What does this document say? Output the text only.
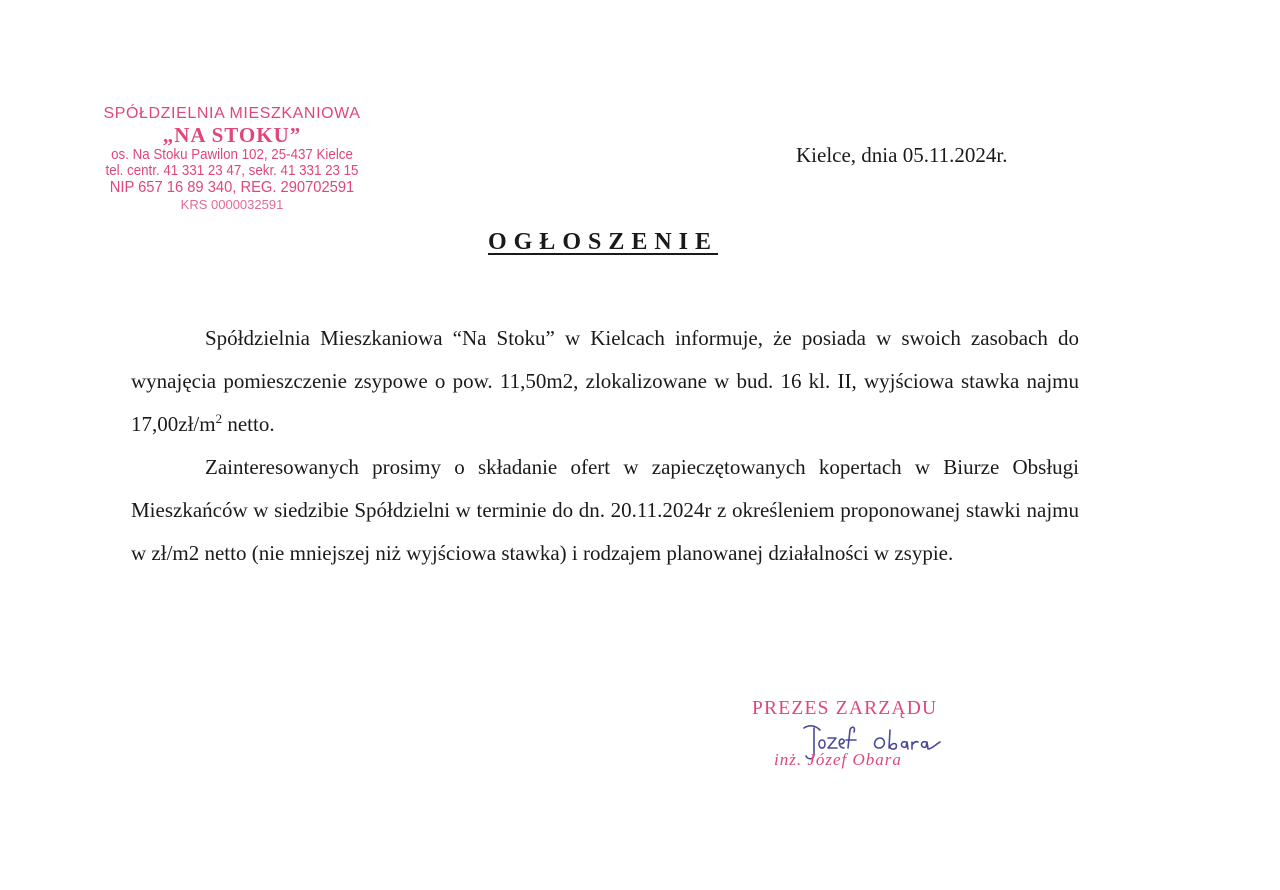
SPÓŁDZIELNIA MIESZKANIOWA
„NA STOKU”
os. Na Stoku Pawilon 102, 25-437 Kielce
tel. centr. 41 331 23 47, sekr. 41 331 23 15
NIP 657 16 89 340, REG. 290702591
KRS 0000032591
Kielce, dnia 05.11.2024r.
OGŁOSZENIE

Spółdzielnia Mieszkaniowa “Na Stoku” w Kielcach informuje, że posiada w swoich zasobach do wynajęcia pomieszczenie zsypowe o pow. 11,50m2, zlokalizowane w bud. 16 kl. II, wyjściowa stawka najmu $17,00zł/m^2$ netto.

Zainteresowanych prosimy o składanie ofert w zapieczętowanych kopertach w Biurze Obsługi Mieszkańców w siedzibie Spółdzielni w terminie do dn. 20.11.2024r z określeniem proponowanej stawki najmu w zł/m2 netto (nie mniejszej niż wyjściowa stawka) i rodzajem planowanej działalności w zsypie.

PREZES ZARZĄDU
inż. Józef Obara
